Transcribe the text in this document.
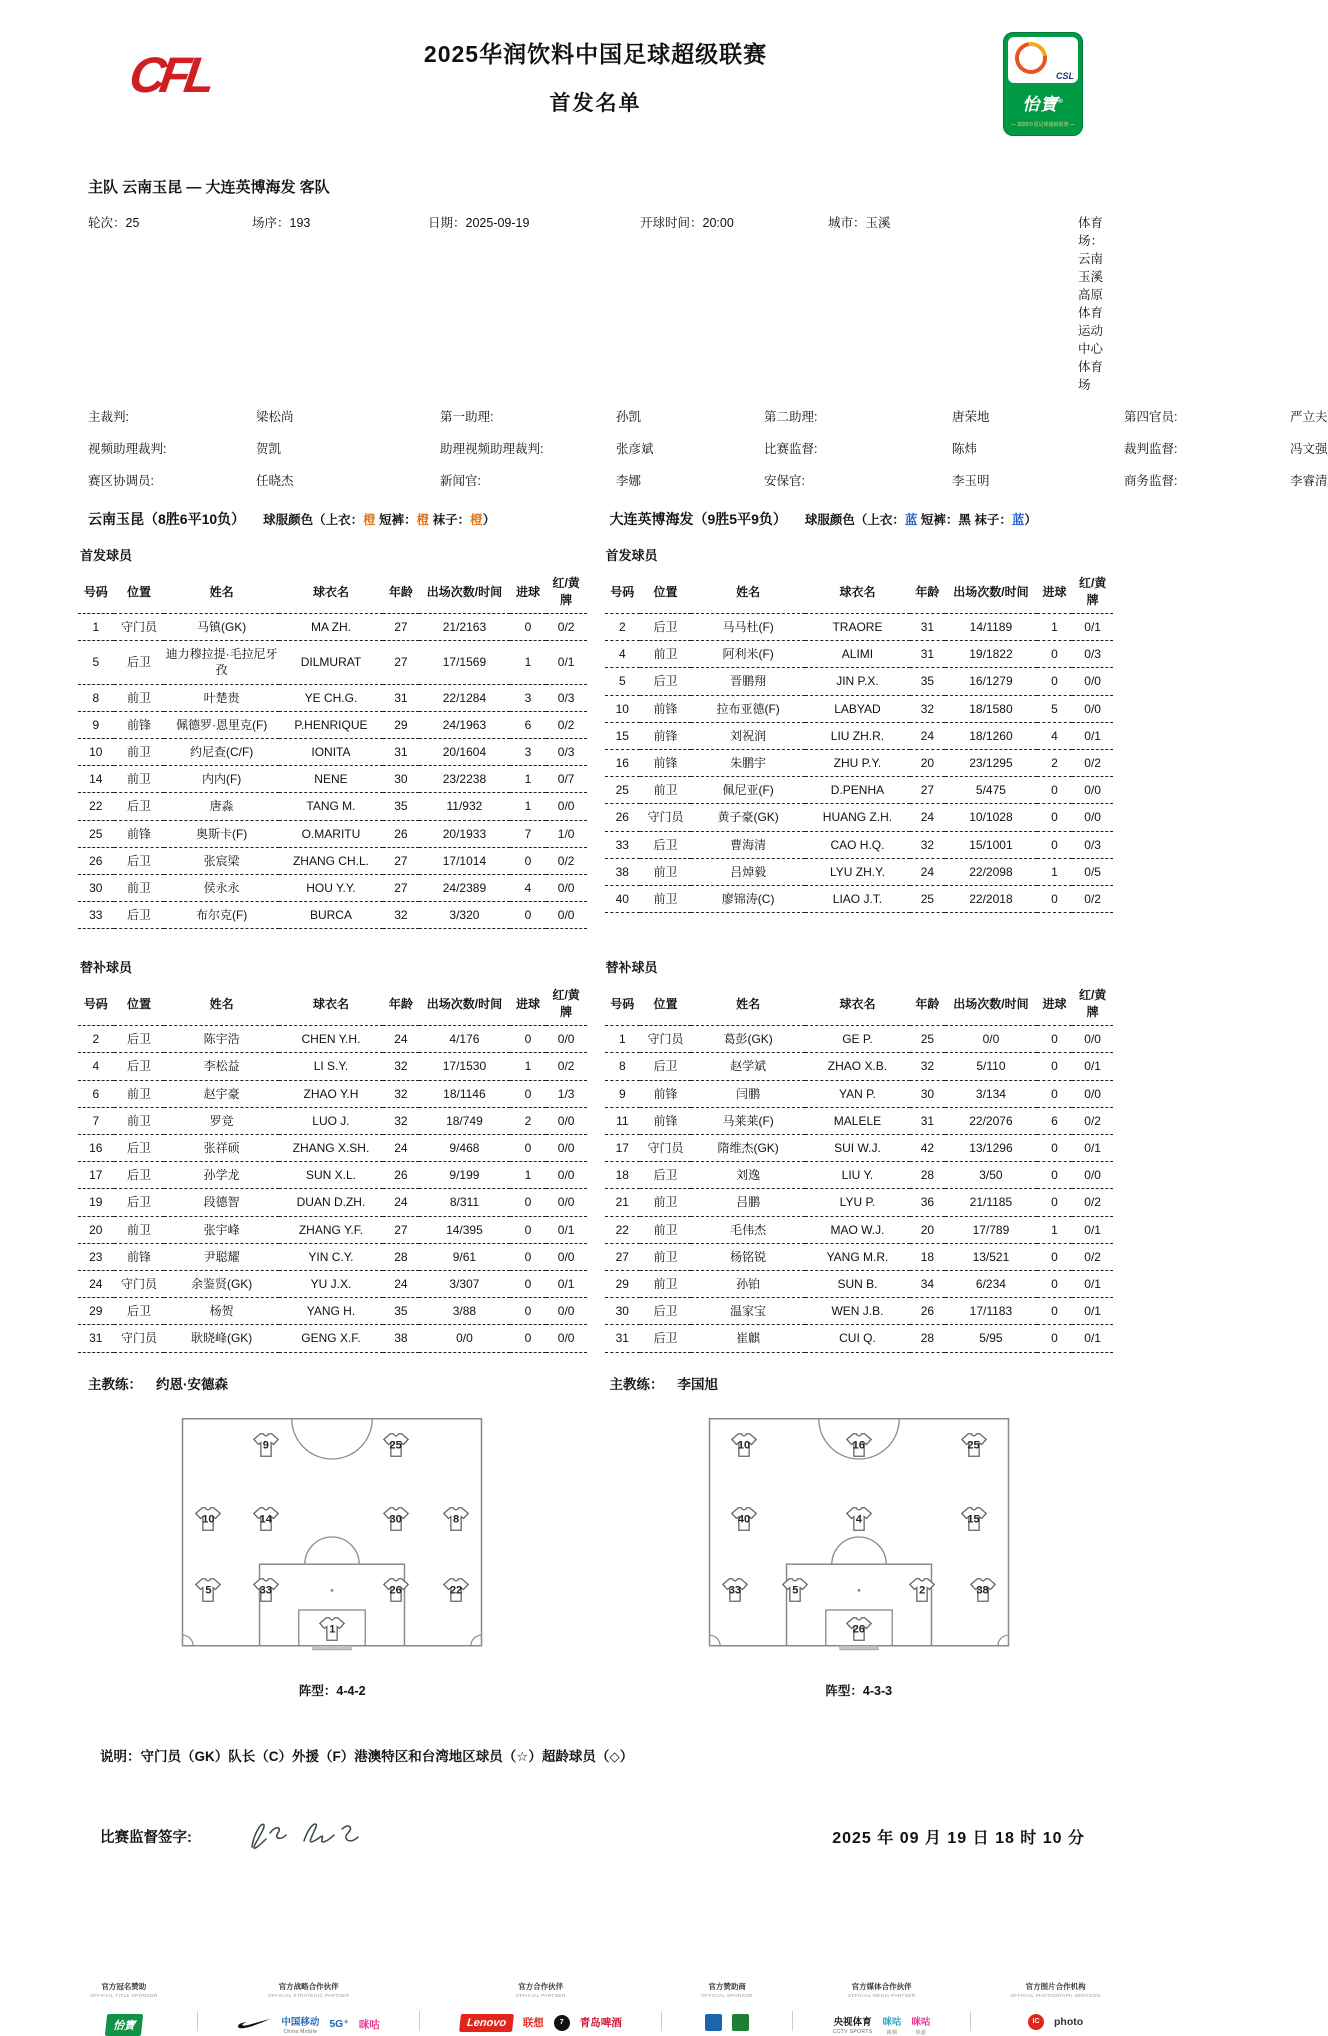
CFL	2025华润饮料中国足球超级联赛
首发名单
CSL
怡寶 ®
— 2025中国足球超级联赛 —
主队 云南玉昆 — 大连英博海发 客队
轮次：25	场序：193	日期：2025-09-19	开球时间：20:00	城市：玉溪	体育场：云南玉溪高原体育运动中心体育场
主裁判:	梁松尚	第一助理:	孙凯	第二助理:	唐荣地	第四官员:	严立夫
视频助理裁判:	贺凯	助理视频助理裁判:	张彦斌	比赛监督:	陈炜	裁判监督:	冯文强
赛区协调员:	任晓杰	新闻官:	李娜	安保官:	李玉明	商务监督:	李睿清
云南玉昆（8胜6平10负） 球服颜色（上衣：橙 短裤：橙 袜子：橙）	大连英博海发（9胜5平9负） 球服颜色（上衣：蓝 短裤：黑 袜子：蓝）
首发球员	首发球员
号码	位置	姓名	球衣名	年龄	出场次数/时间	进球	红/黄牌
1	守门员	马镇(GK)	MA ZH.	27	21/2163	0	0/2
5	后卫	迪力穆拉提·毛拉尼牙孜	DILMURAT	27	17/1569	1	0/1
8	前卫	叶楚贵	YE CH.G.	31	22/1284	3	0/3
9	前锋	佩德罗·恩里克(F)	P.HENRIQUE	29	24/1963	6	0/2
10	前卫	约尼查(C/F)	IONITA	31	20/1604	3	0/3
14	前卫	内内(F)	NENE	30	23/2238	1	0/7
22	后卫	唐淼	TANG M.	35	11/932	1	0/0
25	前锋	奥斯卡(F)	O.MARITU	26	20/1933	7	1/0
26	后卫	张宸梁	ZHANG CH.L.	27	17/1014	0	0/2
30	前卫	侯永永	HOU Y.Y.	27	24/2389	4	0/0
33	后卫	布尔克(F)	BURCA	32	3/320	0	0/0
号码	位置	姓名	球衣名	年龄	出场次数/时间	进球	红/黄牌
2	后卫	马马杜(F)	TRAORE	31	14/1189	1	0/1
4	前卫	阿利米(F)	ALIMI	31	19/1822	0	0/3
5	后卫	晋鹏翔	JIN P.X.	35	16/1279	0	0/0
10	前锋	拉布亚德(F)	LABYAD	32	18/1580	5	0/0
15	前锋	刘祝润	LIU ZH.R.	24	18/1260	4	0/1
16	前锋	朱鹏宇	ZHU P.Y.	20	23/1295	2	0/2
25	前卫	佩尼亚(F)	D.PENHA	27	5/475	0	0/0
26	守门员	黄子豪(GK)	HUANG Z.H.	24	10/1028	0	0/0
33	后卫	曹海清	CAO H.Q.	32	15/1001	0	0/3
38	前卫	吕焯毅	LYU ZH.Y.	24	22/2098	1	0/5
40	前卫	廖锦涛(C)	LIAO J.T.	25	22/2018	0	0/2
替补球员	替补球员
号码	位置	姓名	球衣名	年龄	出场次数/时间	进球	红/黄牌
2	后卫	陈宇浩	CHEN Y.H.	24	4/176	0	0/0
4	后卫	李松益	LI S.Y.	32	17/1530	1	0/2
6	前卫	赵宇豪	ZHAO Y.H	32	18/1146	0	1/3
7	前卫	罗竞	LUO J.	32	18/749	2	0/0
16	后卫	张祥硕	ZHANG X.SH.	24	9/468	0	0/0
17	后卫	孙学龙	SUN X.L.	26	9/199	1	0/0
19	后卫	段德智	DUAN D.ZH.	24	8/311	0	0/0
20	前卫	张宇峰	ZHANG Y.F.	27	14/395	0	0/1
23	前锋	尹聪耀	YIN C.Y.	28	9/61	0	0/0
24	守门员	余鉴贤(GK)	YU J.X.	24	3/307	0	0/1
29	后卫	杨贺	YANG H.	35	3/88	0	0/0
31	守门员	耿晓峰(GK)	GENG X.F.	38	0/0	0	0/0
号码	位置	姓名	球衣名	年龄	出场次数/时间	进球	红/黄牌
1	守门员	葛彭(GK)	GE P.	25	0/0	0	0/0
8	后卫	赵学斌	ZHAO X.B.	32	5/110	0	0/1
9	前锋	闫鹏	YAN P.	30	3/134	0	0/0
11	前锋	马莱莱(F)	MALELE	31	22/2076	6	0/2
17	守门员	隋维杰(GK)	SUI W.J.	42	13/1296	0	0/1
18	后卫	刘逸	LIU Y.	28	3/50	0	0/0
21	前卫	吕鹏	LYU P.	36	21/1185	0	0/2
22	前卫	毛伟杰	MAO W.J.	20	17/789	1	0/1
27	前卫	杨铭锐	YANG M.R.	18	13/521	0	0/2
29	前卫	孙铂	SUN B.	34	6/234	0	0/1
30	后卫	温家宝	WEN J.B.	26	17/1183	0	0/1
31	后卫	崔麒	CUI Q.	28	5/95	0	0/1
主教练： 约恩·安德森	主教练： 李国旭
9	25
10	14	30	8
5	33	26	22
1
阵型：4-4-2
10	16	25
40	4	15
33	5	2	38
26
阵型：4-3-3
说明：守门员（GK）队长（C）外援（F）港澳特区和台湾地区球员（☆）超龄球员（◇）
比赛监督签字:	2025 年 09 月 19 日 18 时 10 分
官方冠名赞助
OFFICIAL TITLE SPONSOR
怡寶
官方战略合作伙伴
OFFICIAL STRATEGIC PARTNER
中国移动
China Mobile
5G⁺ 咪咕
官方合作伙伴
OFFICIAL PARTNER
Lenovo	联想	7	青岛啤酒
官方赞助商
OFFICIAL SPONSOR
官方媒体合作伙伴
OFFICIAL MEDIA PARTNER
央视体育
CCTV SPORTS
咪咕
视频
咪咕
快游
官方图片合作机构
OFFICIAL PHOTOGRAPH SERVICES
IC	photo
